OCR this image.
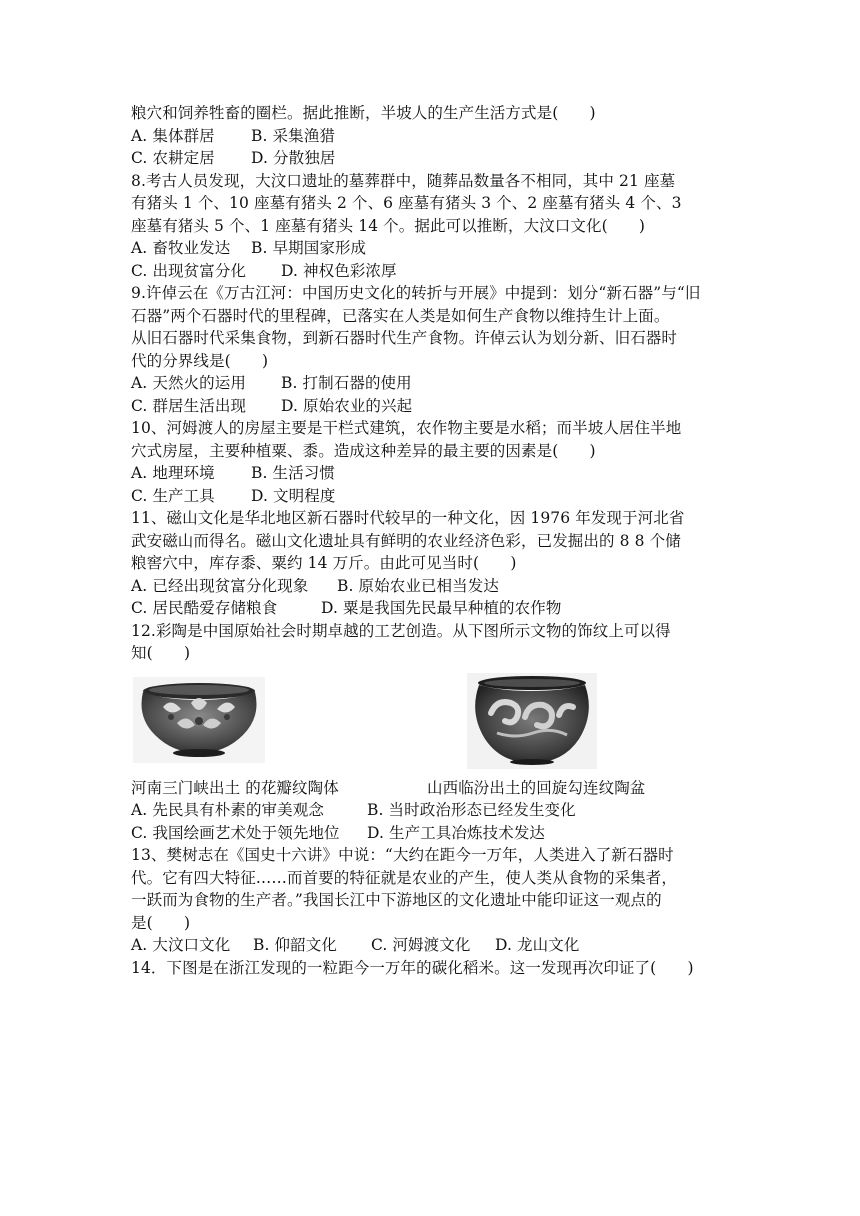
粮穴和饲养牲畜的圈栏。据此推断，半坡人的生产生活方式是(　　)
A. 集体群居 B. 采集渔猎
C. 农耕定居 D. 分散独居
8.考古人员发现，大汶口遗址的墓葬群中，随葬品数量各不相同，其中 21 座墓
有猪头 1 个、10 座墓有猪头 2 个、6 座墓有猪头 3 个、2 座墓有猪头 4 个、3
座墓有猪头 5 个、1 座墓有猪头 14 个。据此可以推断，大汶口文化(　　)
A. 畜牧业发达 B. 早期国家形成
C. 出现贫富分化 D. 神权色彩浓厚
9.许倬云在《万古江河：中国历史文化的转折与开展》中提到：划分“新石器”与“旧
石器”两个石器时代的里程碑，已落实在人类是如何生产食物以维持生计上面。
从旧石器时代采集食物，到新石器时代生产食物。许倬云认为划分新、旧石器时
代的分界线是(　　)
A. 天然火的运用 B. 打制石器的使用
C. 群居生活出现 D. 原始农业的兴起
10、河姆渡人的房屋主要是干栏式建筑，农作物主要是水稻；而半坡人居住半地
穴式房屋，主要种植粟、黍。造成这种差异的最主要的因素是(　　)
A. 地理环境 B. 生活习惯
C. 生产工具 D. 文明程度
11、磁山文化是华北地区新石器时代较早的一种文化，因 1976 年发现于河北省
武安磁山而得名。磁山文化遗址具有鲜明的农业经济色彩，已发掘出的 8 8 个储
粮窖穴中，库存黍、粟约 14 万斤。由此可见当时(　　)
A. 已经出现贫富分化现象 B. 原始农业已相当发达
C. 居民酷爱存储粮食	D. 粟是我国先民最早种植的农作物
12.彩陶是中国原始社会时期卓越的工艺创造。从下图所示文物的饰纹上可以得
知(　　)
河南三门峡出土 的花瓣纹陶体	山西临汾出土的回旋勾连纹陶盆
A. 先民具有朴素的审美观念	B. 当时政治形态已经发生变化
C. 我国绘画艺术处于领先地位 D. 生产工具冶炼技术发达
13、樊树志在《国史十六讲》中说：“大约在距今一万年，人类进入了新石器时
代。它有四大特征……而首要的特征就是农业的产生，使人类从食物的采集者，
一跃而为食物的生产者。”我国长江中下游地区的文化遗址中能印证这一观点的
是(　　)
A. 大汶口文化 B. 仰韶文化 C. 河姆渡文化 D. 龙山文化
14．下图是在浙江发现的一粒距今一万年的碳化稻米。这一发现再次印证了(　　)
